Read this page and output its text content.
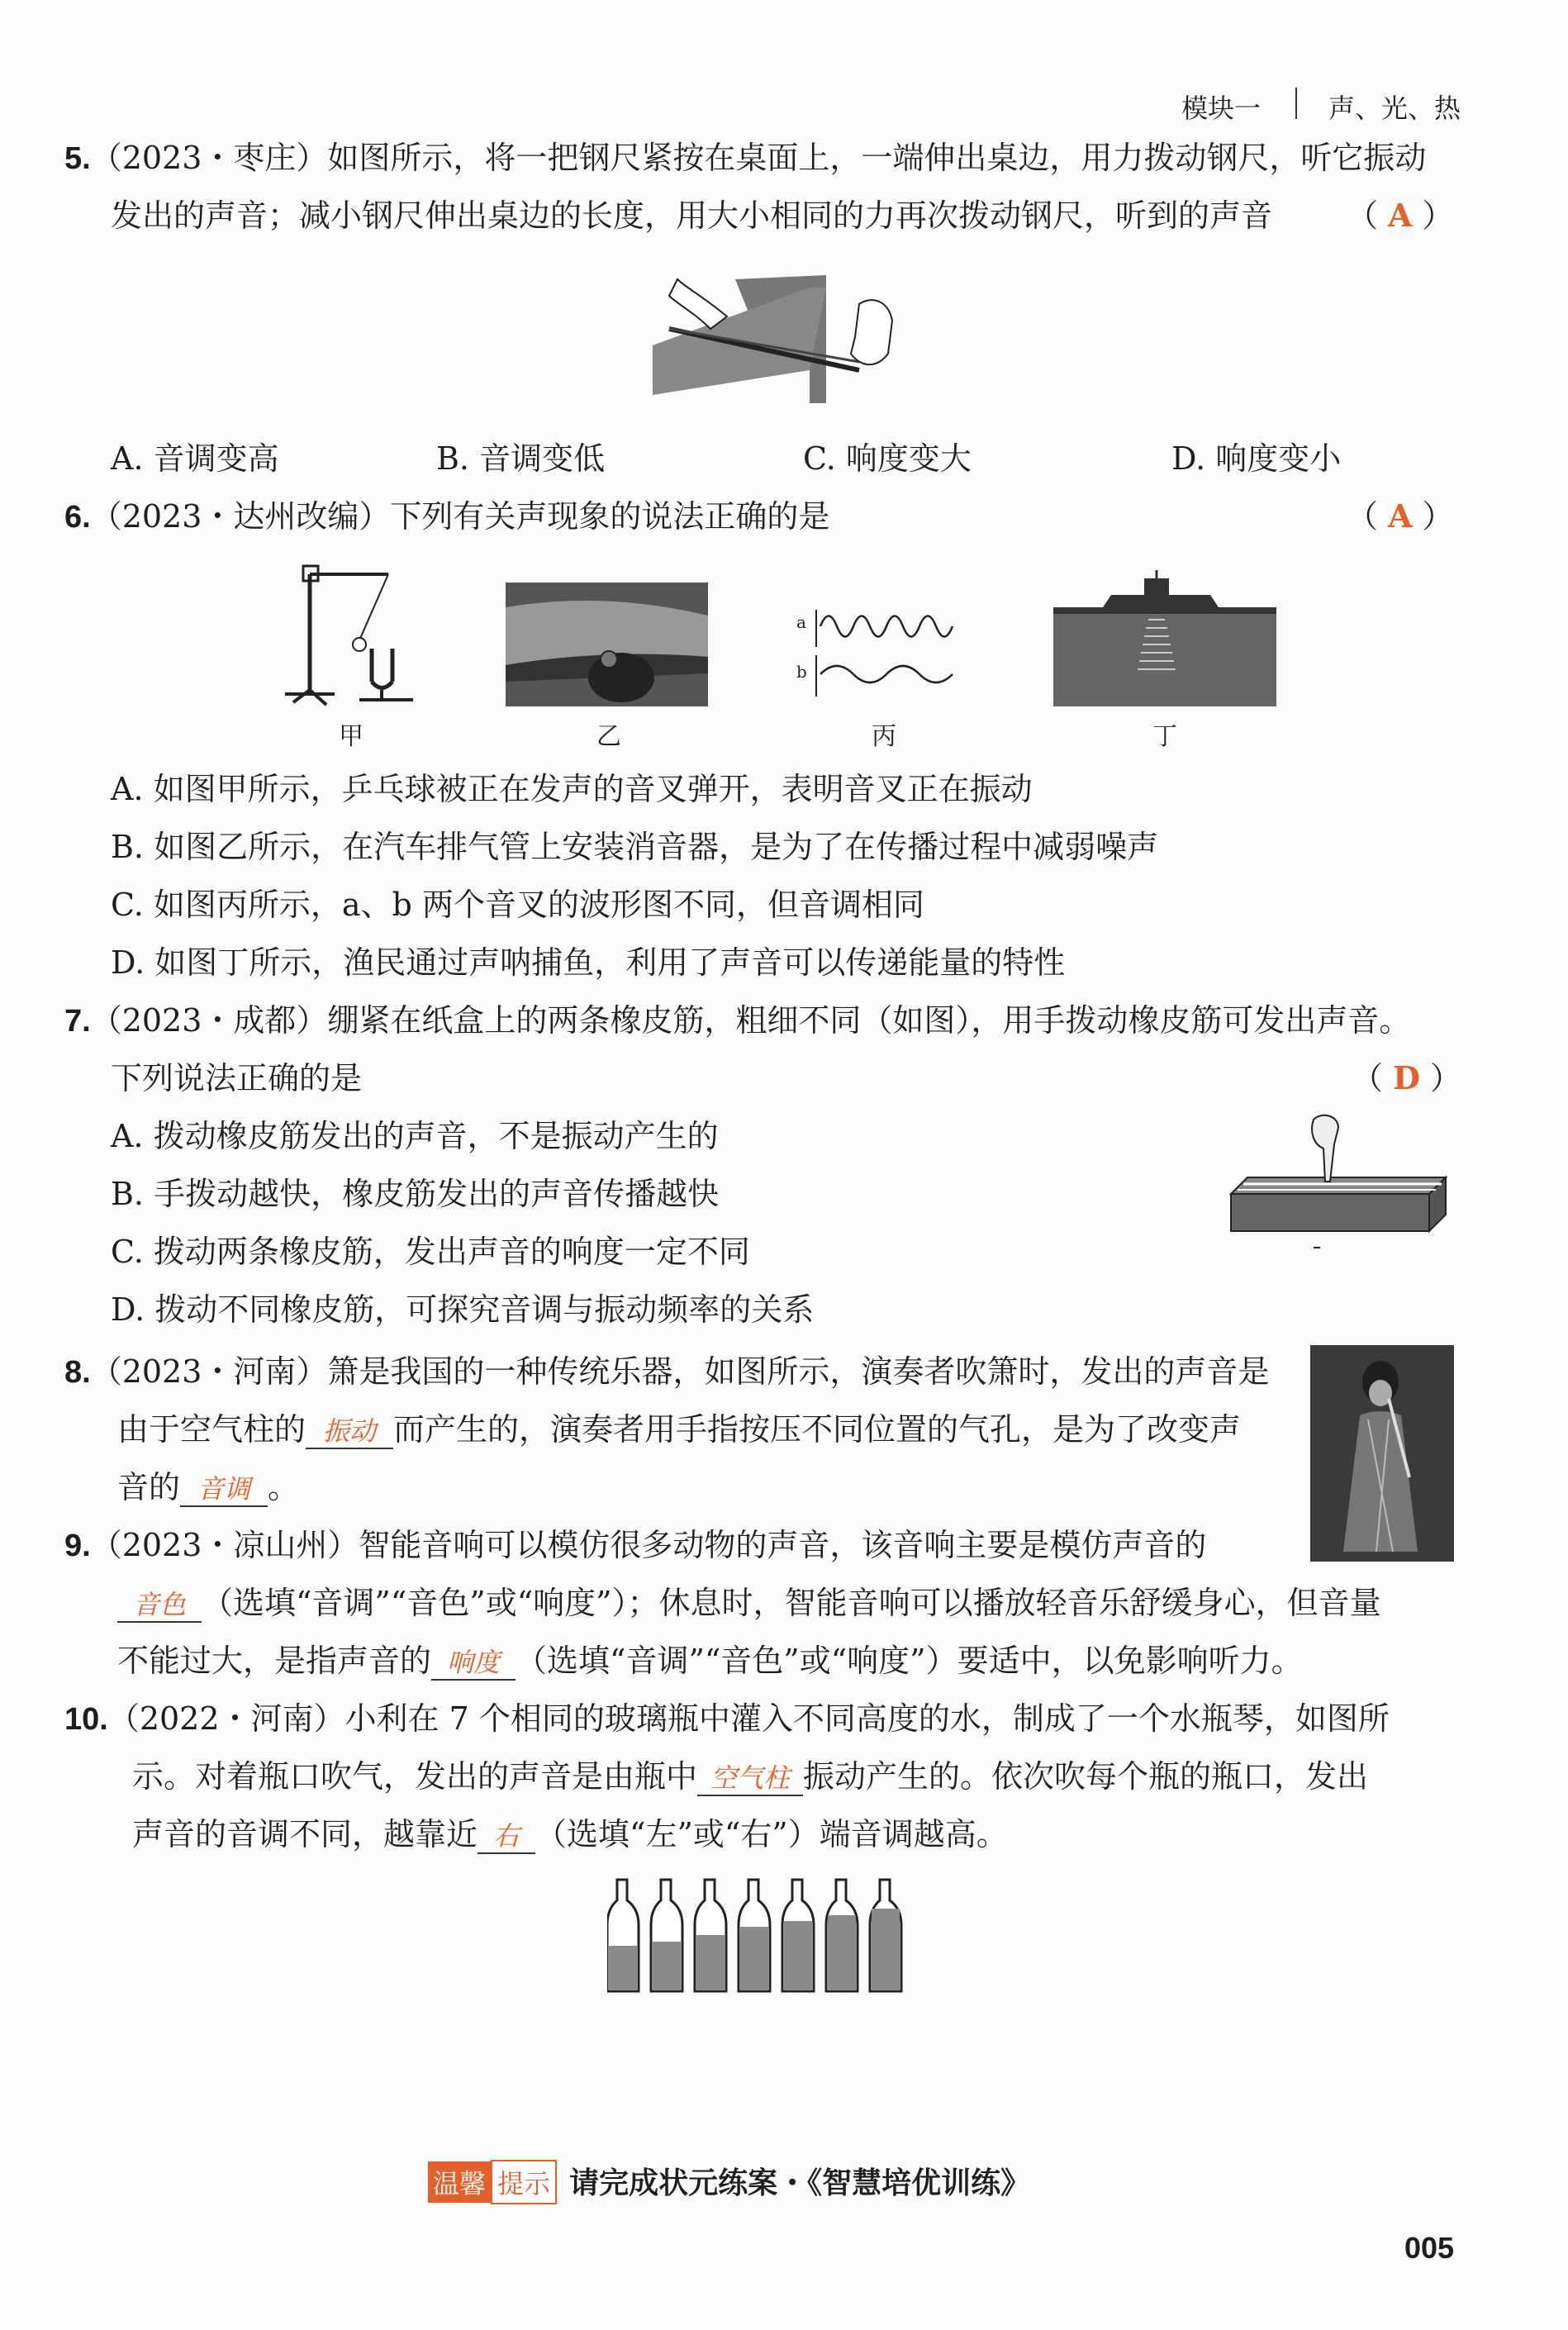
模块一	声、光、热
5.（2023・枣庄）如图所示，将一把钢尺紧按在桌面上，一端伸出桌边，用力拨动钢尺，听它振动
发出的声音；减小钢尺伸出桌边的长度，用大小相同的力再次拨动钢尺，听到的声音 （ A ）
A. 音调变高	B. 音调变低	C. 响度变大	D. 响度变小
6.（2023・达州改编）下列有关声现象的说法正确的是	（ A ）
a
b
甲	乙	丙	丁
A. 如图甲所示，乒乓球被正在发声的音叉弹开，表明音叉正在振动
B. 如图乙所示，在汽车排气管上安装消音器，是为了在传播过程中减弱噪声
C. 如图丙所示，a、b 两个音叉的波形图不同，但音调相同
D. 如图丁所示，渔民通过声呐捕鱼，利用了声音可以传递能量的特性
7.（2023・成都）绷紧在纸盒上的两条橡皮筋，粗细不同（如图），用手拨动橡皮筋可发出声音。
下列说法正确的是	（ D ）
A. 拨动橡皮筋发出的声音，不是振动产生的
B. 手拨动越快，橡皮筋发出的声音传播越快
C. 拨动两条橡皮筋，发出声音的响度一定不同
D. 拨动不同橡皮筋，可探究音调与振动频率的关系
8.（2023・河南）箫是我国的一种传统乐器，如图所示，演奏者吹箫时，发出的声音是
由于空气柱的 振动 而产生的，演奏者用手指按压不同位置的气孔，是为了改变声
音的 音调 。
9.（2023・凉山州）智能音响可以模仿很多动物的声音，该音响主要是模仿声音的
音色 （选填“音调”“音色”或“响度”）；休息时，智能音响可以播放轻音乐舒缓身心，但音量
不能过大，是指声音的 响度 （选填“音调”“音色”或“响度”）要适中，以免影响听力。
10.（2022・河南）小利在 7 个相同的玻璃瓶中灌入不同高度的水，制成了一个水瓶琴，如图所
示。对着瓶口吹气，发出的声音是由瓶中 空气柱 振动产生的。依次吹每个瓶的瓶口，发出
声音的音调不同，越靠近 右 （选填“左”或“右”）端音调越高。
温馨 提示 请完成状元练案・《智慧培优训练》
005
